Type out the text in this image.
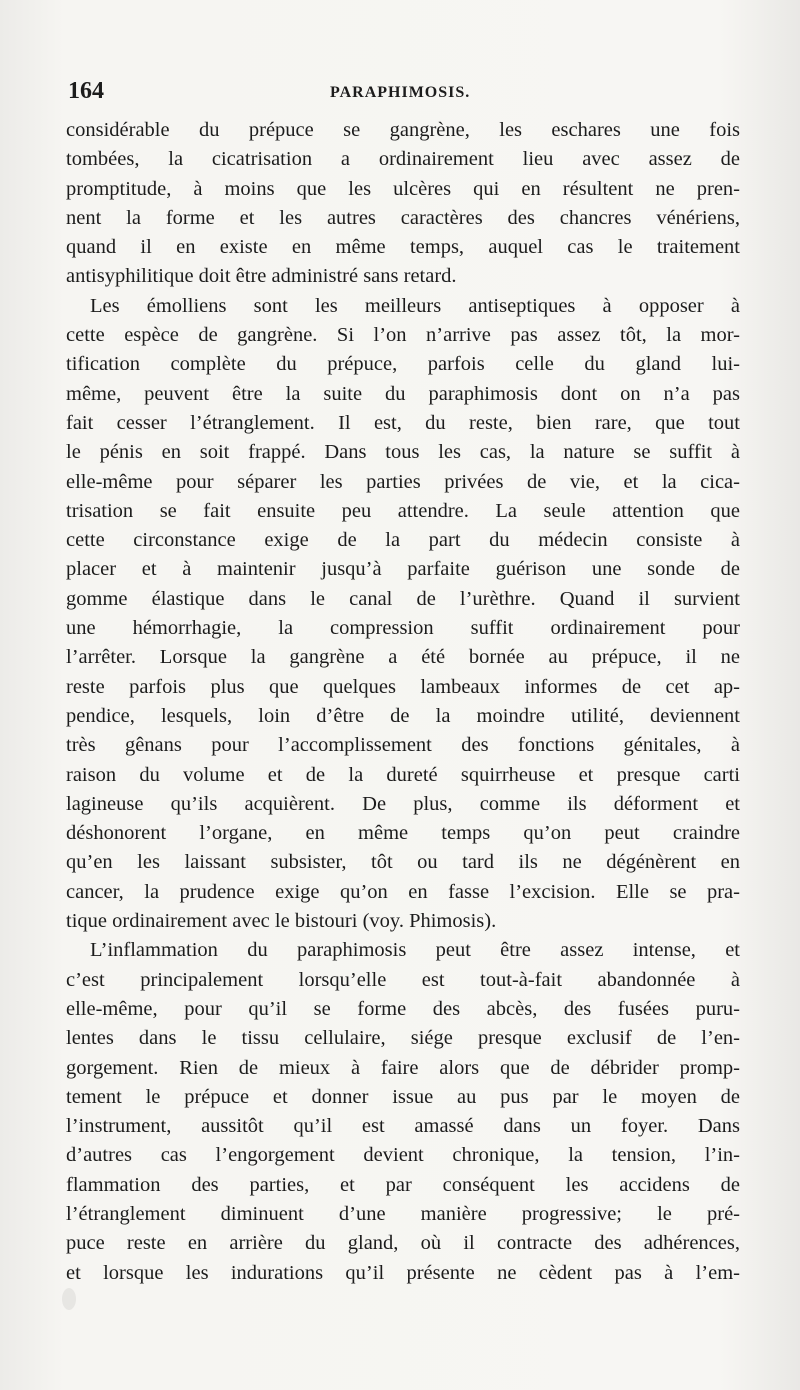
164	PARAPHIMOSIS.
considérable du prépuce se gangrène, les eschares une fois
tombées, la cicatrisation a ordinairement lieu avec assez de
promptitude, à moins que les ulcères qui en résultent ne pren-
nent la forme et les autres caractères des chancres vénériens,
quand il en existe en même temps, auquel cas le traitement
antisyphilitique doit être administré sans retard.
Les émolliens sont les meilleurs antiseptiques à opposer à
cette espèce de gangrène. Si l’on n’arrive pas assez tôt, la mor-
tification complète du prépuce, parfois celle du gland lui-
même, peuvent être la suite du paraphimosis dont on n’a pas
fait cesser l’étranglement. Il est, du reste, bien rare, que tout
le pénis en soit frappé. Dans tous les cas, la nature se suffit à
elle-même pour séparer les parties privées de vie, et la cica-
trisation se fait ensuite peu attendre. La seule attention que
cette circonstance exige de la part du médecin consiste à
placer et à maintenir jusqu’à parfaite guérison une sonde de
gomme élastique dans le canal de l’urèthre. Quand il survient
une hémorrhagie, la compression suffit ordinairement pour
l’arrêter. Lorsque la gangrène a été bornée au prépuce, il ne
reste parfois plus que quelques lambeaux informes de cet ap-
pendice, lesquels, loin d’être de la moindre utilité, deviennent
très gênans pour l’accomplissement des fonctions génitales, à
raison du volume et de la dureté squirrheuse et presque carti
lagineuse qu’ils acquièrent. De plus, comme ils déforment et
déshonorent l’organe, en même temps qu’on peut craindre
qu’en les laissant subsister, tôt ou tard ils ne dégénèrent en
cancer, la prudence exige qu’on en fasse l’excision. Elle se pra-
tique ordinairement avec le bistouri (voy. Phimosis).
L’inflammation du paraphimosis peut être assez intense, et
c’est principalement lorsqu’elle est tout-à-fait abandonnée à
elle-même, pour qu’il se forme des abcès, des fusées puru-
lentes dans le tissu cellulaire, siége presque exclusif de l’en-
gorgement. Rien de mieux à faire alors que de débrider promp-
tement le prépuce et donner issue au pus par le moyen de
l’instrument, aussitôt qu’il est amassé dans un foyer. Dans
d’autres cas l’engorgement devient chronique, la tension, l’in-
flammation des parties, et par conséquent les accidens de
l’étranglement diminuent d’une manière progressive; le pré-
puce reste en arrière du gland, où il contracte des adhérences,
et lorsque les indurations qu’il présente ne cèdent pas à l’em-
